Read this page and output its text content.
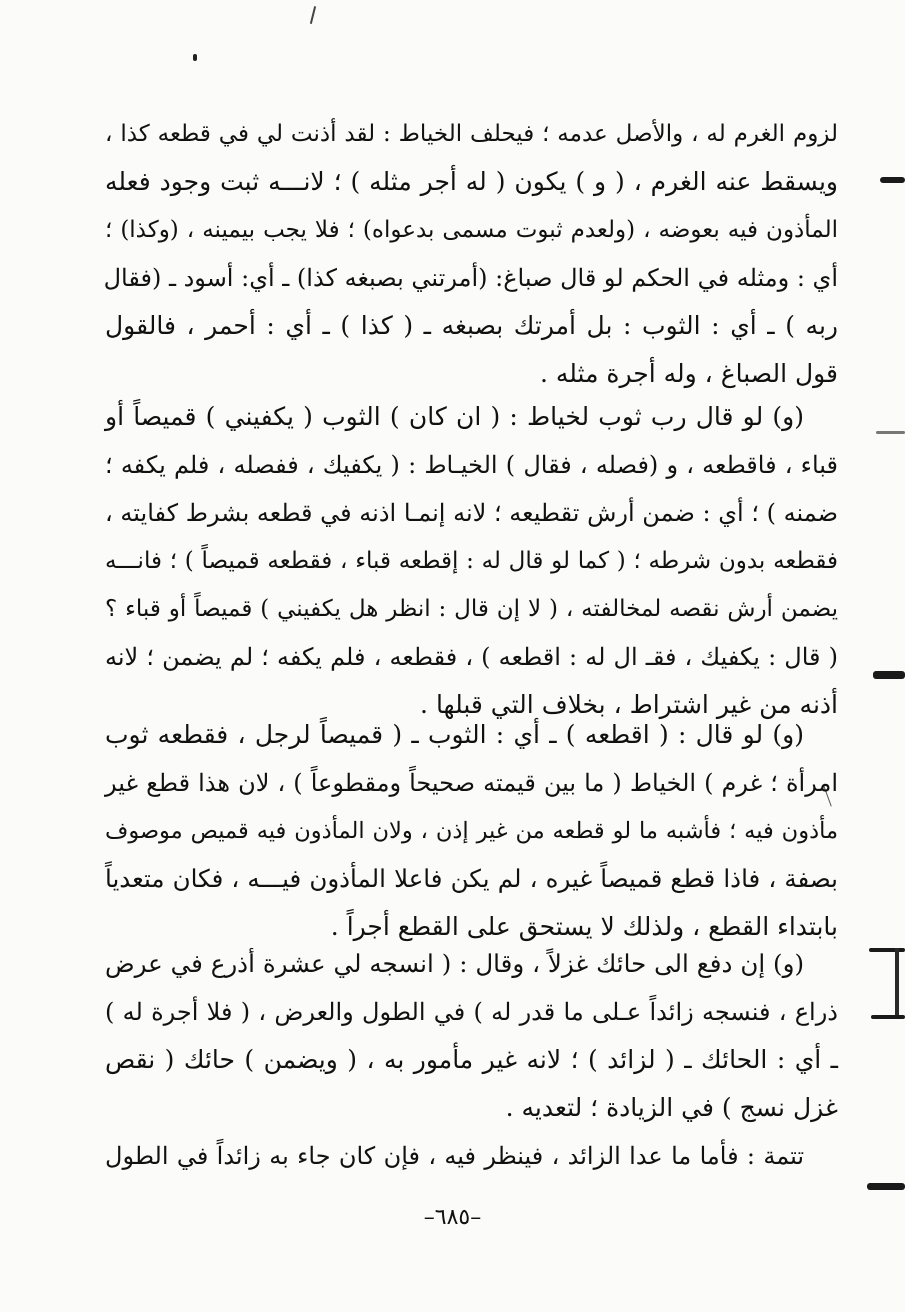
لزوم الغرم له ، والأصل عدمه ؛ فيحلف الخياط : لقد أذنت لي في قطعه كذا ،
ويسقط عنه الغرم ، ( و ) يكون ( له أجر مثله ) ؛ لانـــه ثبت وجود فعله
المأذون فيه بعوضه ، (ولعدم ثبوت مسمى بدعواه) ؛ فلا يجب بيمينه ، (وكذا) ؛
أي : ومثله في الحكم لو قال صباغ: (أمرتني بصبغه كذا) ـ أي: أسود ـ (فقال
ربه ) ـ أي : الثوب : بل أمرتك بصبغه ـ ( كذا ) ـ أي : أحمر ، فالقول
قول الصباغ ، وله أجرة مثله .
(و) لو قال رب ثوب لخياط : ( ان كان ) الثوب ( يكفيني ) قميصاً أو
قباء ، فاقطعه ، و (فصله ، فقال ) الخيـاط : ( يكفيك ، ففصله ، فلم يكفه ؛
ضمنه ) ؛ أي : ضمن أرش تقطيعه ؛ لانه إنمـا اذنه في قطعه بشرط كفايته ،
فقطعه بدون شرطه ؛ ( كما لو قال له : إقطعه قباء ، فقطعه قميصاً ) ؛ فانـــه
يضمن أرش نقصه لمخالفته ، ( لا إن قال : انظر هل يكفيني ) قميصاً أو قباء ؟
( قال : يكفيك ، فقـ ال له : اقطعه ) ، فقطعه ، فلم يكفه ؛ لم يضمن ؛ لانه
أذنه من غير اشتراط ، بخلاف التي قبلها .
(و) لو قال : ( اقطعه ) ـ أي : الثوب ـ ( قميصاً لرجل ، فقطعه ثوب
امرأة ؛ غرم ) الخياط ( ما بين قيمته صحيحاً ومقطوعاً ) ، لان هذا قطع غير
مأذون فيه ؛ فأشبه ما لو قطعه من غير إذن ، ولان المأذون فيه قميص موصوف
بصفة ، فاذا قطع قميصاً غيره ، لم يكن فاعلا المأذون فيـــه ، فكان متعدياً
بابتداء القطع ، ولذلك لا يستحق على القطع أجراً .
(و) إن دفع الى حائك غزلاً ، وقال : ( انسجه لي عشرة أذرع في عرض
ذراع ، فنسجه زائداً عـلى ما قدر له ) في الطول والعرض ، ( فلا أجرة له )
ـ أي : الحائك ـ ( لزائد ) ؛ لانه غير مأمور به ، ( ويضمن ) حائك ( نقص
غزل نسج ) في الزيادة ؛ لتعديه .
تتمة : فأما ما عدا الزائد ، فينظر فيه ، فإن كان جاء به زائداً في الطول
–٦٨٥–
